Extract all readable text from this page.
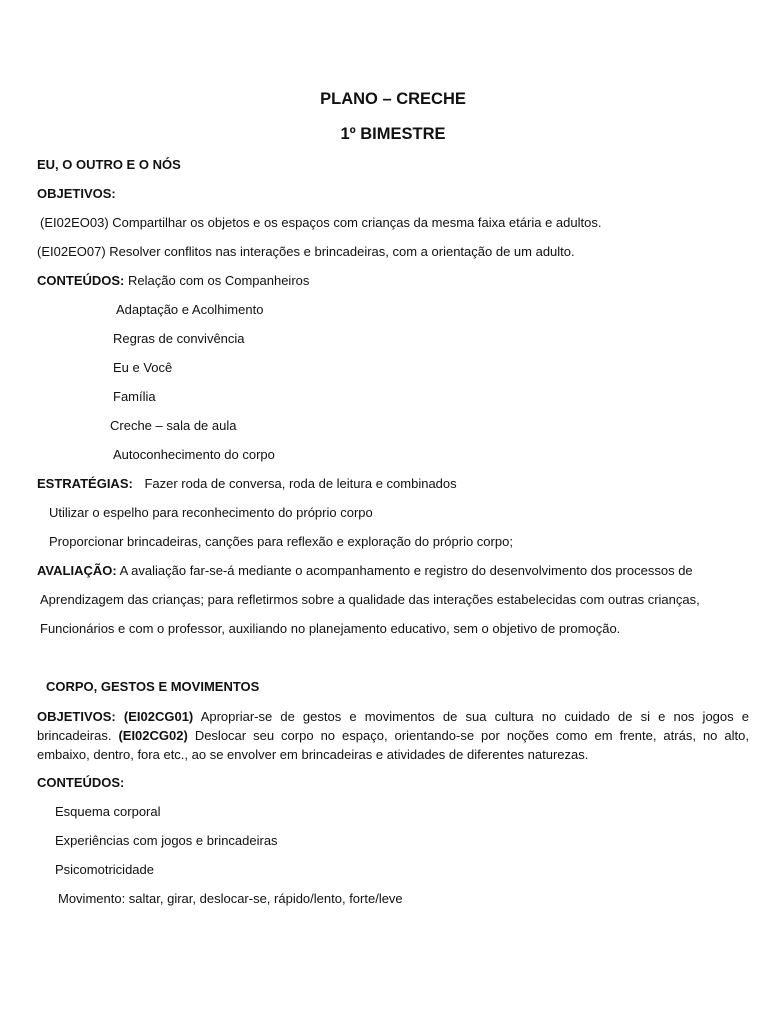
PLANO – CRECHE
1º BIMESTRE
EU, O OUTRO E O NÓS
OBJETIVOS:
(EI02EO03) Compartilhar os objetos e os espaços com crianças da mesma faixa etária e adultos.
(EI02EO07) Resolver conflitos nas interações e brincadeiras, com a orientação de um adulto.
CONTEÚDOS: Relação com os Companheiros
Adaptação e Acolhimento
Regras de convivência
Eu e Você
Família
Creche – sala de aula
Autoconhecimento do corpo
ESTRATÉGIAS: Fazer roda de conversa, roda de leitura e combinados
Utilizar o espelho para reconhecimento do próprio corpo
Proporcionar brincadeiras, canções para reflexão e exploração do próprio corpo;
AVALIAÇÃO: A avaliação far-se-á mediante o acompanhamento e registro do desenvolvimento dos processos de
Aprendizagem das crianças; para refletirmos sobre a qualidade das interações estabelecidas com outras crianças,
Funcionários e com o professor, auxiliando no planejamento educativo, sem o objetivo de promoção.
CORPO, GESTOS E MOVIMENTOS
OBJETIVOS: (EI02CG01) Apropriar-se de gestos e movimentos de sua cultura no cuidado de si e nos jogos e brincadeiras. (EI02CG02) Deslocar seu corpo no espaço, orientando-se por noções como em frente, atrás, no alto, embaixo, dentro, fora etc., ao se envolver em brincadeiras e atividades de diferentes naturezas.
CONTEÚDOS:
Esquema corporal
Experiências com jogos e brincadeiras
Psicomotricidade
Movimento: saltar, girar, deslocar-se, rápido/lento, forte/leve
